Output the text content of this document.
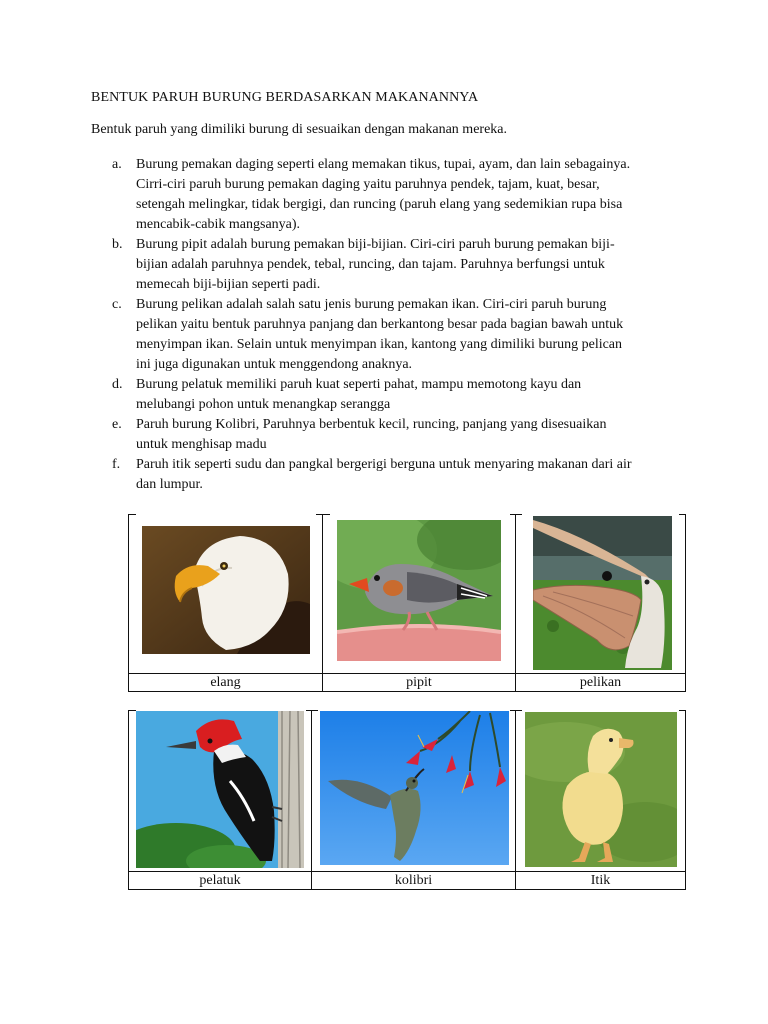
BENTUK PARUH BURUNG BERDASARKAN MAKANANNYA
Bentuk paruh yang dimiliki burung di sesuaikan dengan makanan mereka.
a. Burung pemakan daging seperti elang memakan tikus, tupai, ayam, dan lain sebagainya.
Cirri-ciri paruh burung pemakan daging yaitu paruhnya pendek, tajam, kuat, besar,
setengah melingkar, tidak bergigi, dan runcing (paruh elang yang sedemikian rupa bisa
mencabik-cabik mangsanya).
b. Burung pipit adalah burung pemakan biji-bijian. Ciri-ciri paruh burung pemakan biji-
bijian adalah paruhnya pendek, tebal, runcing, dan tajam. Paruhnya berfungsi untuk
memecah biji-bijian seperti padi.
c. Burung pelikan adalah salah satu jenis burung pemakan ikan. Ciri-ciri paruh burung
pelikan yaitu bentuk paruhnya panjang dan berkantong besar pada bagian bawah untuk
menyimpan ikan. Selain untuk menyimpan ikan, kantong yang dimiliki burung pelican
ini juga digunakan untuk menggendong anaknya.
d. Burung pelatuk memiliki paruh kuat seperti pahat, mampu memotong kayu dan
melubangi pohon untuk menangkap serangga
e. Paruh burung Kolibri, Paruhnya berbentuk kecil, runcing, panjang yang disesuaikan
untuk menghisap madu
f. Paruh itik seperti sudu dan pangkal bergerigi berguna untuk menyaring makanan dari air
dan lumpur.
elang	pipit	pelikan
pelatuk	kolibri	Itik
